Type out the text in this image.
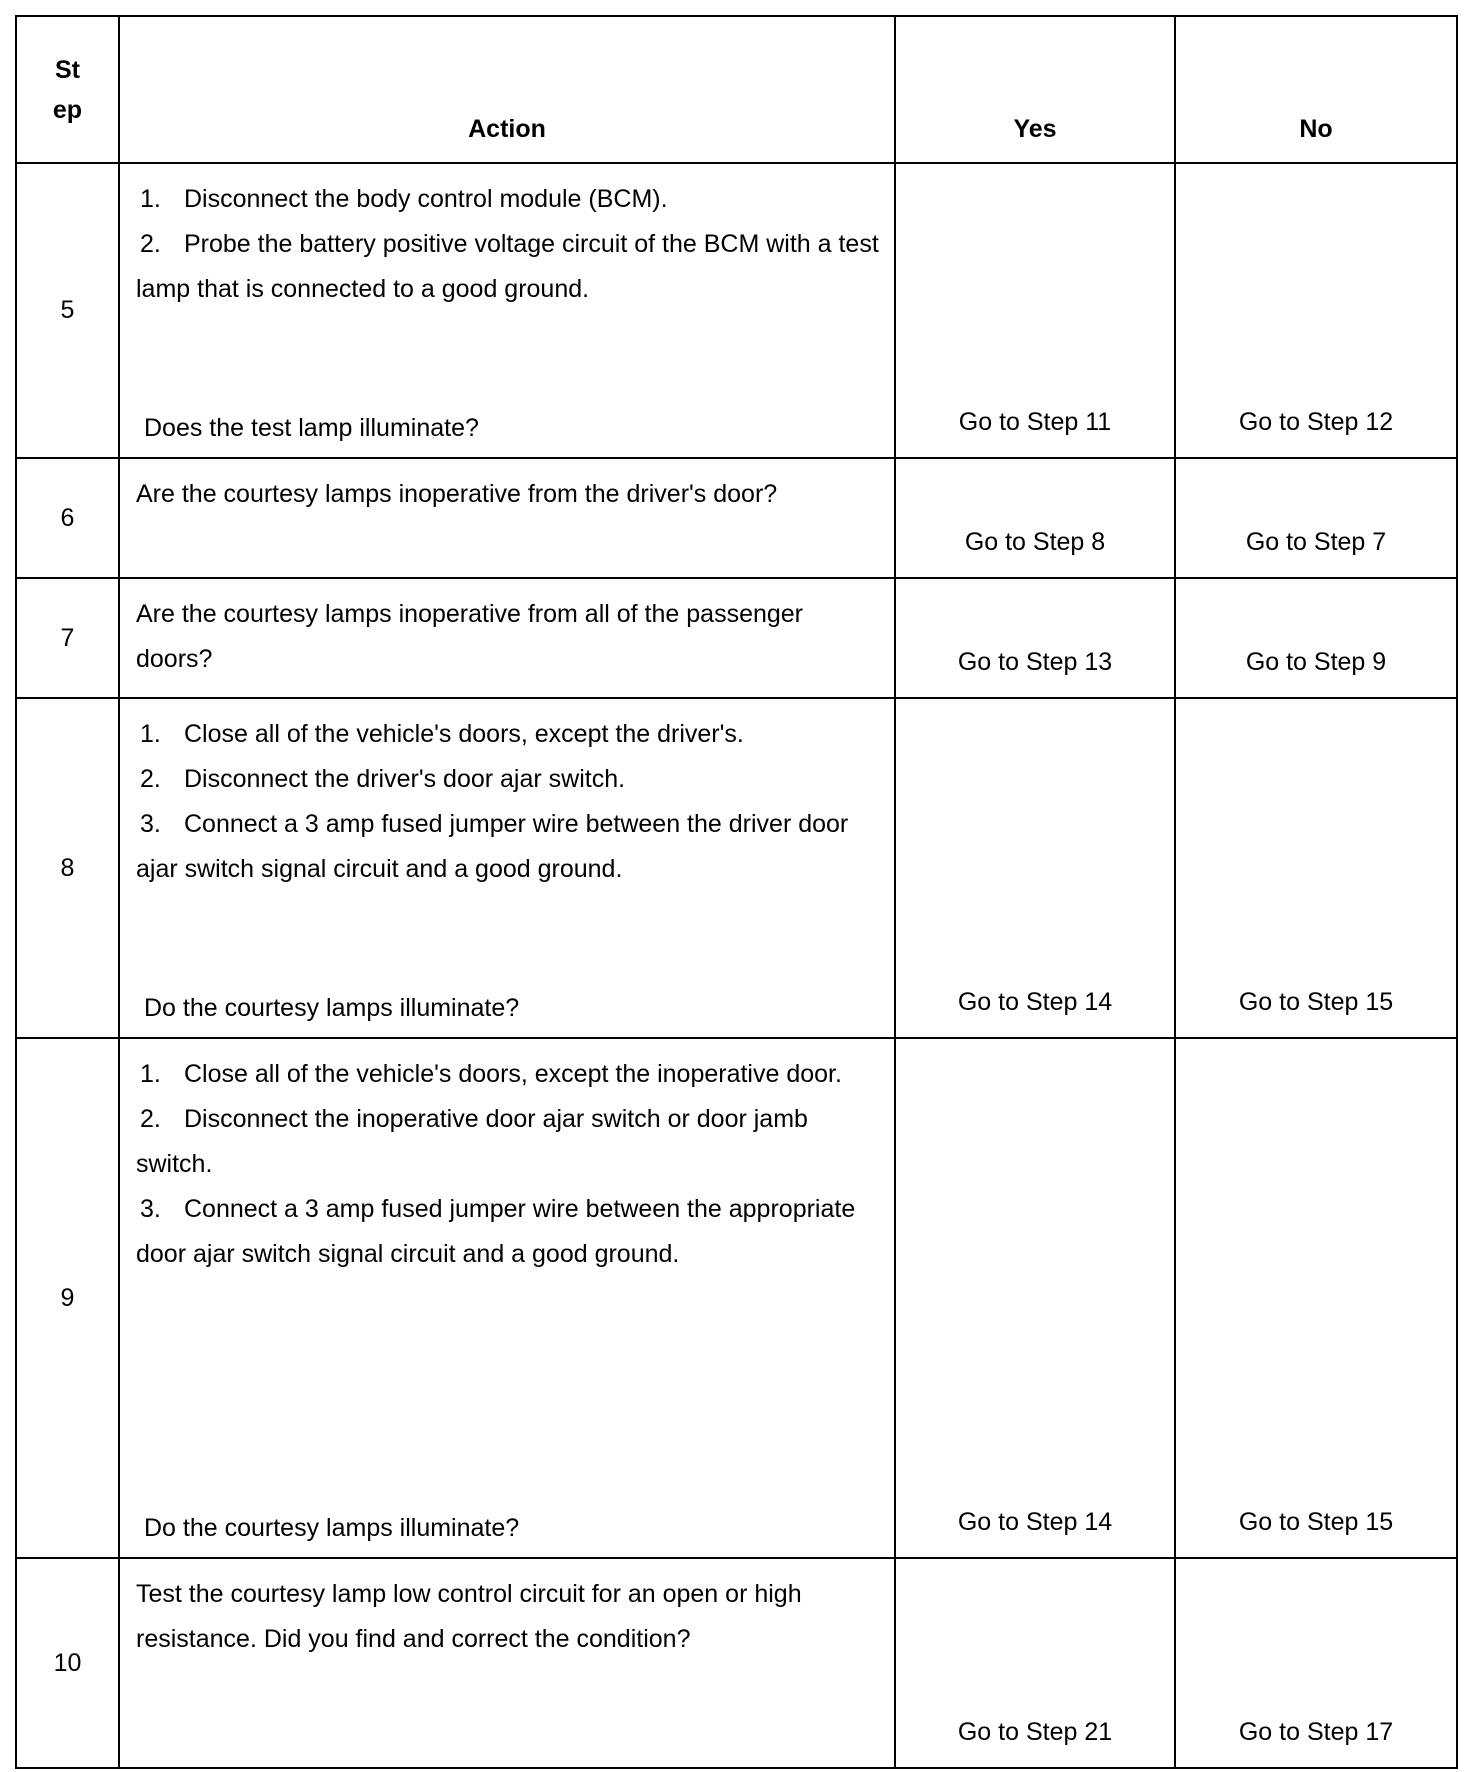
St
ep	Action	Yes	No
5	1. Disconnect the body control module (BCM).
2. Probe the battery positive voltage circuit of the BCM with a test lamp that is connected to a good ground.
Does the test lamp illuminate?	Go to Step 11	Go to Step 12
6	Are the courtesy lamps inoperative from the driver's door?	Go to Step 8	Go to Step 7
7	Are the courtesy lamps inoperative from all of the passenger doors?	Go to Step 13	Go to Step 9
8	1. Close all of the vehicle's doors, except the driver's.
2. Disconnect the driver's door ajar switch.
3. Connect a 3 amp fused jumper wire between the driver door ajar switch signal circuit and a good ground.
Do the courtesy lamps illuminate?	Go to Step 14	Go to Step 15
9	1. Close all of the vehicle's doors, except the inoperative door.
2. Disconnect the inoperative door ajar switch or door jamb switch.
3. Connect a 3 amp fused jumper wire between the appropriate door ajar switch signal circuit and a good ground.
Do the courtesy lamps illuminate?	Go to Step 14	Go to Step 15
10	Test the courtesy lamp low control circuit for an open or high resistance. Did you find and correct the condition?	Go to Step 21	Go to Step 17
